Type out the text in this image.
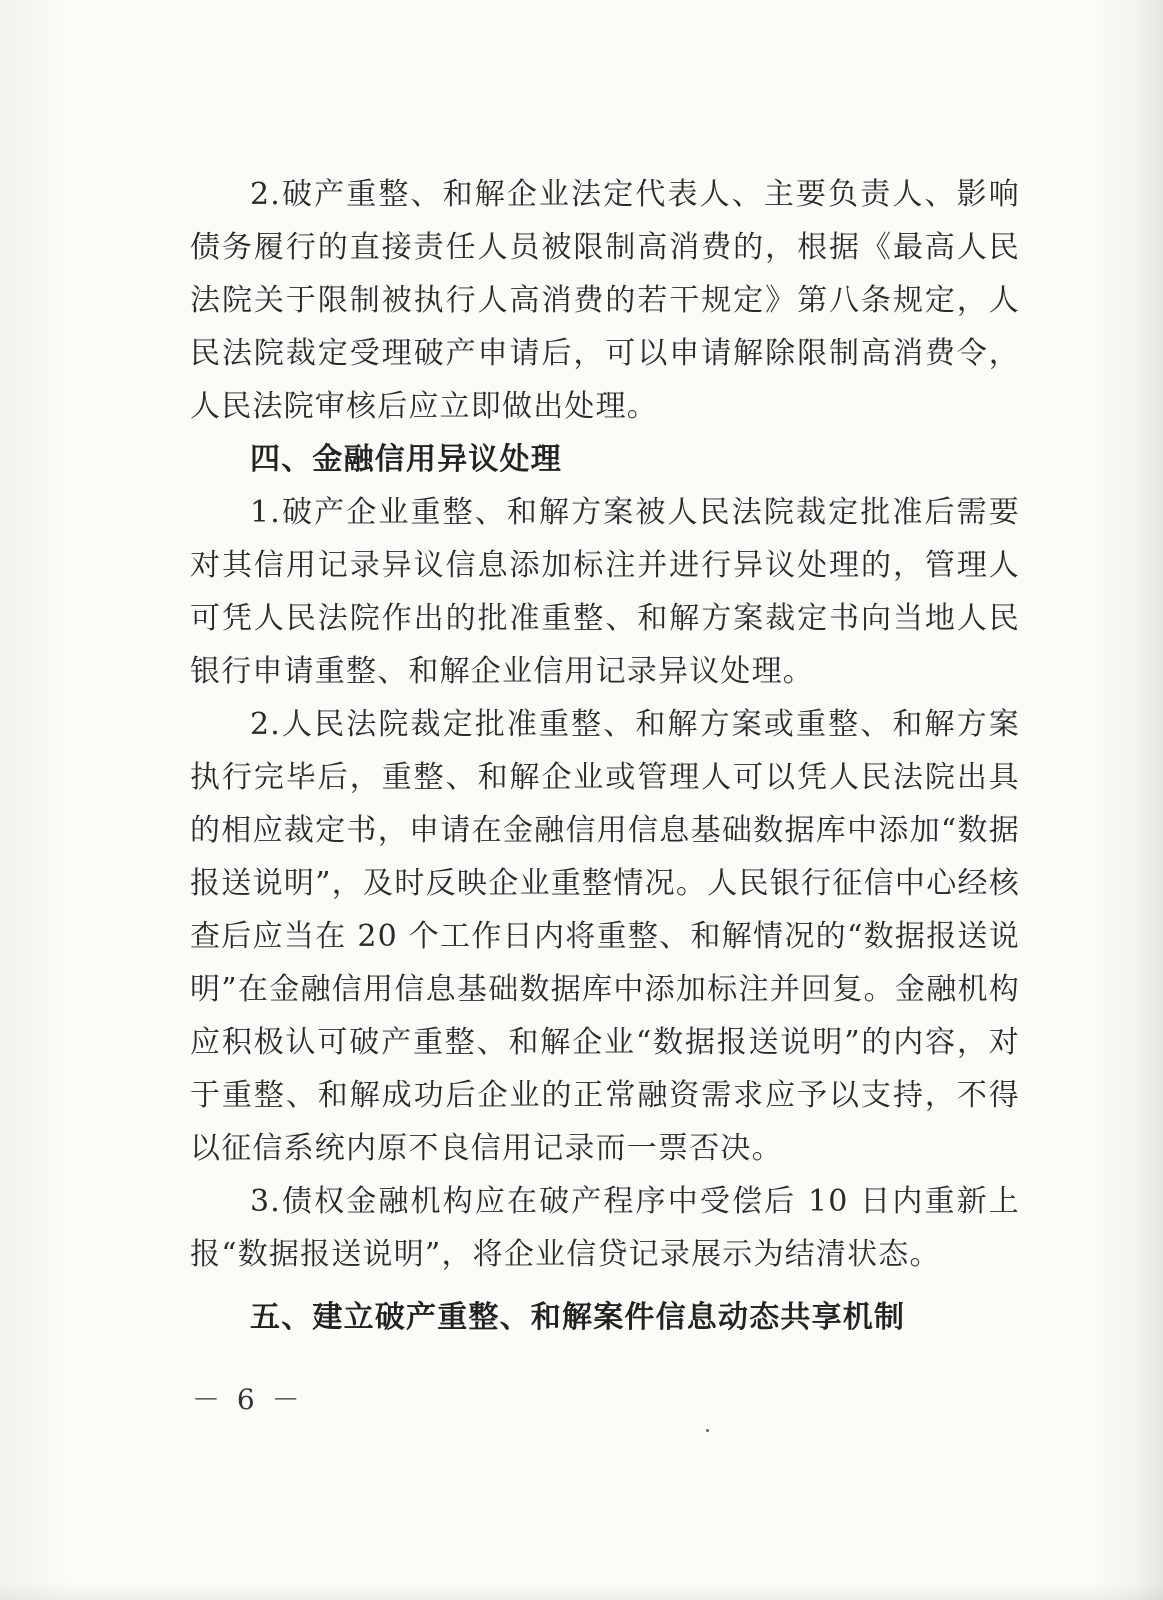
2.破产重整、和解企业法定代表人、主要负责人、影响债务履行的直接责任人员被限制高消费的，根据《最高人民法院关于限制被执行人高消费的若干规定》第八条规定，人民法院裁定受理破产申请后，可以申请解除限制高消费令，人民法院审核后应立即做出处理。

四、金融信用异议处理

1.破产企业重整、和解方案被人民法院裁定批准后需要对其信用记录异议信息添加标注并进行异议处理的，管理人可凭人民法院作出的批准重整、和解方案裁定书向当地人民银行申请重整、和解企业信用记录异议处理。

2.人民法院裁定批准重整、和解方案或重整、和解方案执行完毕后，重整、和解企业或管理人可以凭人民法院出具的相应裁定书，申请在金融信用信息基础数据库中添加“数据报送说明”，及时反映企业重整情况。人民银行征信中心经核查后应当在 20 个工作日内将重整、和解情况的“数据报送说明”在金融信用信息基础数据库中添加标注并回复。金融机构应积极认可破产重整、和解企业“数据报送说明”的内容，对于重整、和解成功后企业的正常融资需求应予以支持，不得以征信系统内原不良信用记录而一票否决。

3.债权金融机构应在破产程序中受偿后 10 日内重新上报“数据报送说明”，将企业信贷记录展示为结清状态。

五、建立破产重整、和解案件信息动态共享机制

－ 6 －
